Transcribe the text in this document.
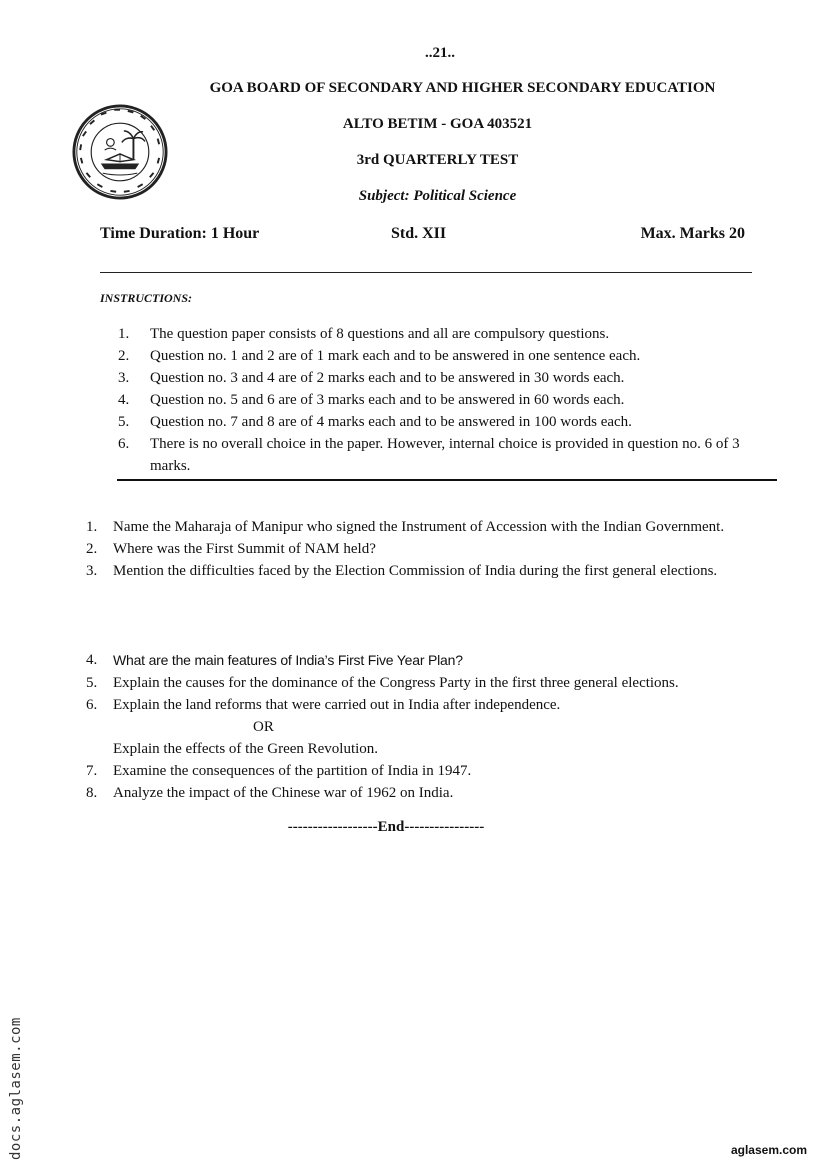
..21..
GOA BOARD OF SECONDARY AND HIGHER SECONDARY EDUCATION
ALTO BETIM - GOA 403521
3rd QUARTERLY TEST
Subject: Political Science
Time Duration: 1 Hour	Std. XII	Max. Marks 20
INSTRUCTIONS:
1. The question paper consists of 8 questions and all are compulsory questions.
2. Question no. 1 and 2 are of 1 mark each and to be answered in one sentence each.
3. Question no. 3 and 4 are of 2 marks each and to be answered in 30 words each.
4. Question no. 5 and 6 are of 3 marks each and to be answered in 60 words each.
5. Question no. 7 and 8 are of 4 marks each and to be answered in 100 words each.
6. There is no overall choice in the paper. However, internal choice is provided in question no. 6 of 3 marks.
1. Name the Maharaja of Manipur who signed the Instrument of Accession with the Indian Government.
2. Where was the First Summit of NAM held?
3. Mention the difficulties faced by the Election Commission of India during the first general elections.
4. What are the main features of India’s First Five Year Plan?
5. Explain the causes for the dominance of the Congress Party in the first three general elections.
6. Explain the land reforms that were carried out in India after independence.
OR
Explain the effects of the Green Revolution.
7. Examine the consequences of the partition of India in 1947.
8. Analyze the impact of the Chinese war of 1962 on India.
------------------End----------------
docs.aglasem.com	aglasem.com
